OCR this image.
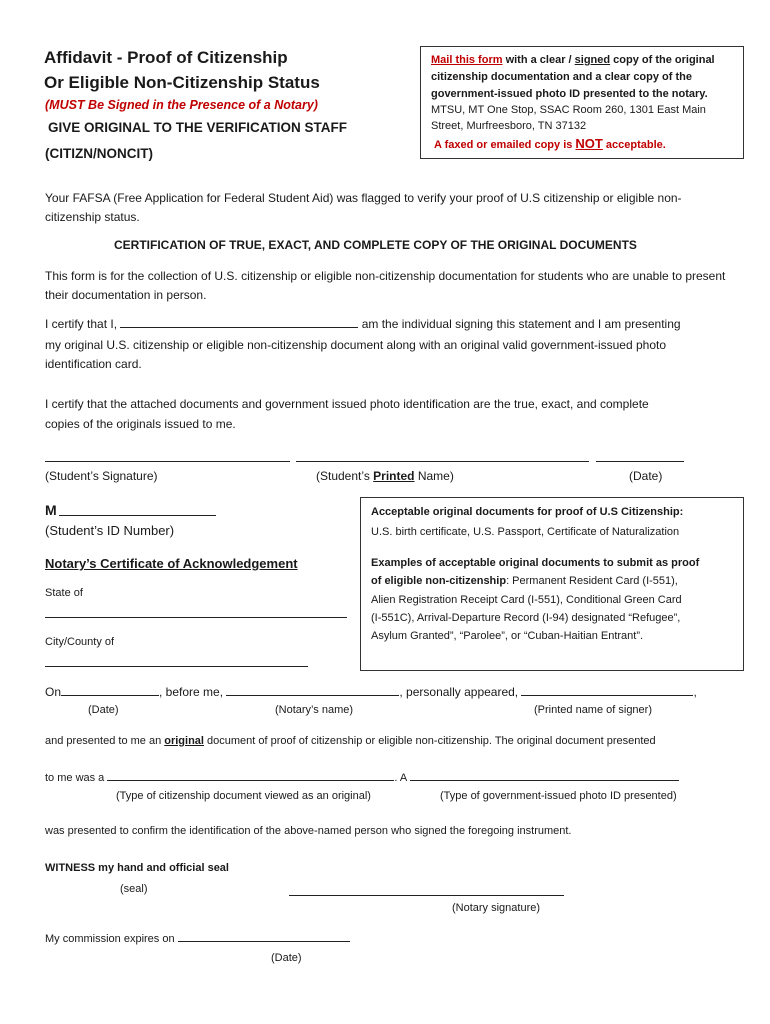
Affidavit - Proof of Citizenship
Or Eligible Non-Citizenship Status
(MUST Be Signed in the Presence of a Notary)
GIVE ORIGINAL TO THE VERIFICATION STAFF
(CITIZN/NONCIT)
Mail this form with a clear / signed copy of the original
citizenship documentation and a clear copy of the
government-issued photo ID presented to the notary.
MTSU, MT One Stop, SSAC Room 260, 1301 East Main
Street, Murfreesboro, TN 37132
A faxed or emailed copy is NOT acceptable.
Your FAFSA (Free Application for Federal Student Aid) was flagged to verify your proof of U.S citizenship or eligible non-citizenship status.
CERTIFICATION OF TRUE, EXACT, AND COMPLETE COPY OF THE ORIGINAL DOCUMENTS
This form is for the collection of U.S. citizenship or eligible non-citizenship documentation for students who are unable to present their documentation in person.
I certify that I,	am the individual signing this statement and I am presenting
my original U.S. citizenship or eligible non-citizenship document along with an original valid government-issued photo
identification card.
I certify that the attached documents and government issued photo identification are the true, exact, and complete
copies of the originals issued to me.
(Student’s Signature)	(Student’s Printed Name)	(Date)
M
(Student’s ID Number)
Notary’s Certificate of Acknowledgement
State of
City/County of
Acceptable original documents for proof of U.S Citizenship:
U.S. birth certificate, U.S. Passport, Certificate of Naturalization
Examples of acceptable original documents to submit as proof
of eligible non-citizenship: Permanent Resident Card (I-551),
Alien Registration Receipt Card (I-551), Conditional Green Card
(I-551C), Arrival-Departure Record (I-94) designated “Refugee”,
Asylum Granted”, “Parolee”, or “Cuban-Haitian Entrant”.
On	, before me,	, personally appeared,	,
(Date)	(Notary’s name)	(Printed name of signer)
and presented to me an original document of proof of citizenship or eligible non-citizenship. The original document presented
to me was a	. A
(Type of citizenship document viewed as an original)	(Type of government-issued photo ID presented)
was presented to confirm the identification of the above-named person who signed the foregoing instrument.
WITNESS my hand and official seal
(seal)
(Notary signature)
My commission expires on
(Date)
